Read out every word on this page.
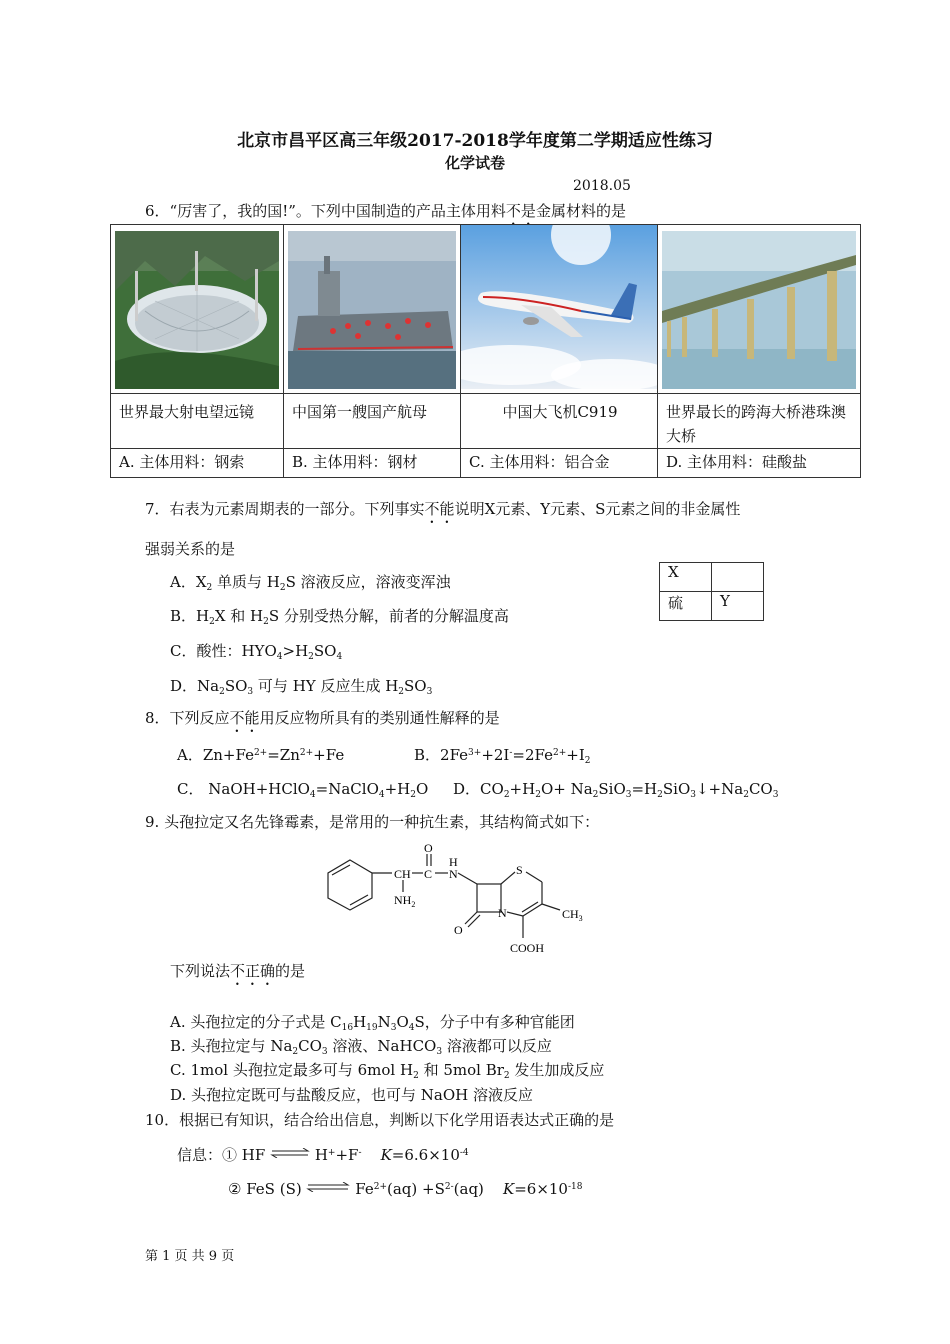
北京市昌平区高三年级2017-2018学年度第二学期适应性练习
化学试卷
2018.05
6．“厉害了，我的国!”。下列中国制造的产品主体用料不是金属材料的是

世界最大射电望远镜	中国第一艘国产航母	中国大飞机C919	世界最长的跨海大桥港珠澳大桥
A. 主体用料：钢索	B. 主体用料：钢材	C. 主体用料：铝合金	D. 主体用料：硅酸盐
7．右表为元素周期表的一部分。下列事实不能说明X元素、Y元素、S元素之间的非金属性
强弱关系的是
X	
硫	Y
A．$X_2$ 单质与 $H_2S$ 溶液反应，溶液变浑浊
B．$H_2X$ 和 $H_2S$ 分别受热分解，前者的分解温度高
C．酸性：$HYO_4>H_2SO_4$
D．$Na_2SO_3$ 可与 HY 反应生成 $H_2SO_3$
8．下列反应不能用反应物所具有的类别通性解释的是
A．$Zn+Fe^{2+}=Zn^{2+}+Fe$	B．$2Fe^{3+}+2I^-=2Fe^{2+}+I_2$
C． $NaOH+HClO_4=NaClO_4+H_2O$ D．$CO_2+H_2O+$ $Na_2SiO_3=H_2SiO_3↓+Na_2CO_3$
9. 头孢拉定又名先锋霉素，是常用的一种抗生素，其结构简式如下：
CH C
O
H
N
$NH_2$
O
N
S
$CH_3$
COOH
下列说法不正确的是
A. 头孢拉定的分子式是 $C_{16}H_{19}N_3O_4S$，分子中有多种官能团
B. 头孢拉定与 $Na_2CO_3$ 溶液、NaHCO$_3$ 溶液都可以反应
C. 1mol 头孢拉定最多可与 6mol $H_2$ 和 5mol $Br_2$ 发生加成反应
D. 头孢拉定既可与盐酸反应，也可与 NaOH 溶液反应
10．根据已有知识，结合给出信息，判断以下化学用语表达式正确的是
信息：① HF	H++F- $K=6.6\times 10^{-4}$
② FeS (S)	$Fe^{2+}(aq) +S^{2-}(aq)$    $K=6\times 10^{-18}$
第 1 页 共 9 页
